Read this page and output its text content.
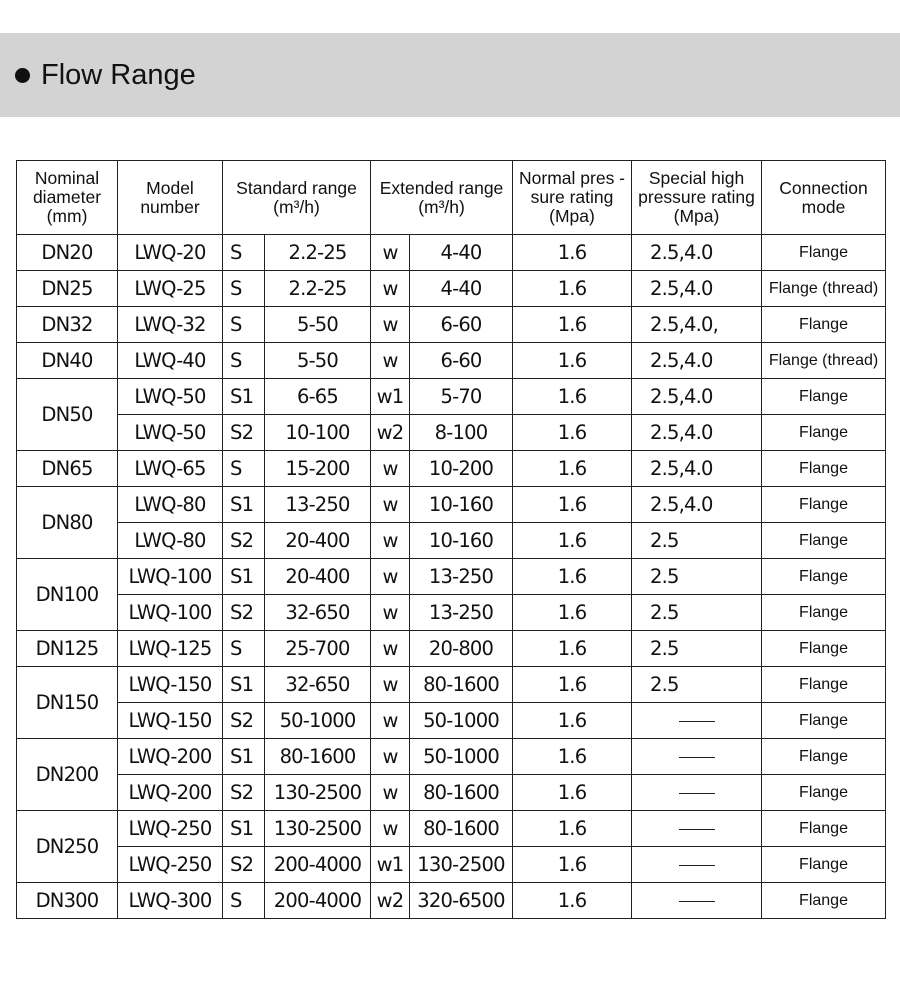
Flow Range
Nominal diameter (mm)	Model number	Standard range (m³/h)		Extended range (m³/h)		Normal pres -sure rating (Mpa)	Special high pressure rating (Mpa)	Connection mode
DN20	LWQ-20	S	2.2-25	w	4-40	1.6	2.5,4.0	Flange
DN25	LWQ-25	S	2.2-25	w	4-40	1.6	2.5,4.0	Flange (thread)
DN32	LWQ-32	S	5-50	w	6-60	1.6	2.5,4.0,	Flange
DN40	LWQ-40	S	5-50	w	6-60	1.6	2.5,4.0	Flange (thread)
DN50	LWQ-50	S1	6-65	w1	5-70	1.6	2.5,4.0	Flange
	LWQ-50	S2	10-100	w2	8-100	1.6	2.5,4.0	Flange
DN65	LWQ-65	S	15-200	w	10-200	1.6	2.5,4.0	Flange
DN80	LWQ-80	S1	13-250	w	10-160	1.6	2.5,4.0	Flange
	LWQ-80	S2	20-400	w	10-160	1.6	2.5	Flange
DN100	LWQ-100	S1	20-400	w	13-250	1.6	2.5	Flange
	LWQ-100	S2	32-650	w	13-250	1.6	2.5	Flange
DN125	LWQ-125	S	25-700	w	20-800	1.6	2.5	Flange
DN150	LWQ-150	S1	32-650	w	80-1600	1.6	2.5	Flange
	LWQ-150	S2	50-1000	w	50-1000	1.6		Flange
DN200	LWQ-200	S1	80-1600	w	50-1000	1.6		Flange
	LWQ-200	S2	130-2500	w	80-1600	1.6		Flange
DN250	LWQ-250	S1	130-2500	w	80-1600	1.6		Flange
	LWQ-250	S2	200-4000	w1	130-2500	1.6		Flange
DN300	LWQ-300	S	200-4000	w2	320-6500	1.6		Flange
